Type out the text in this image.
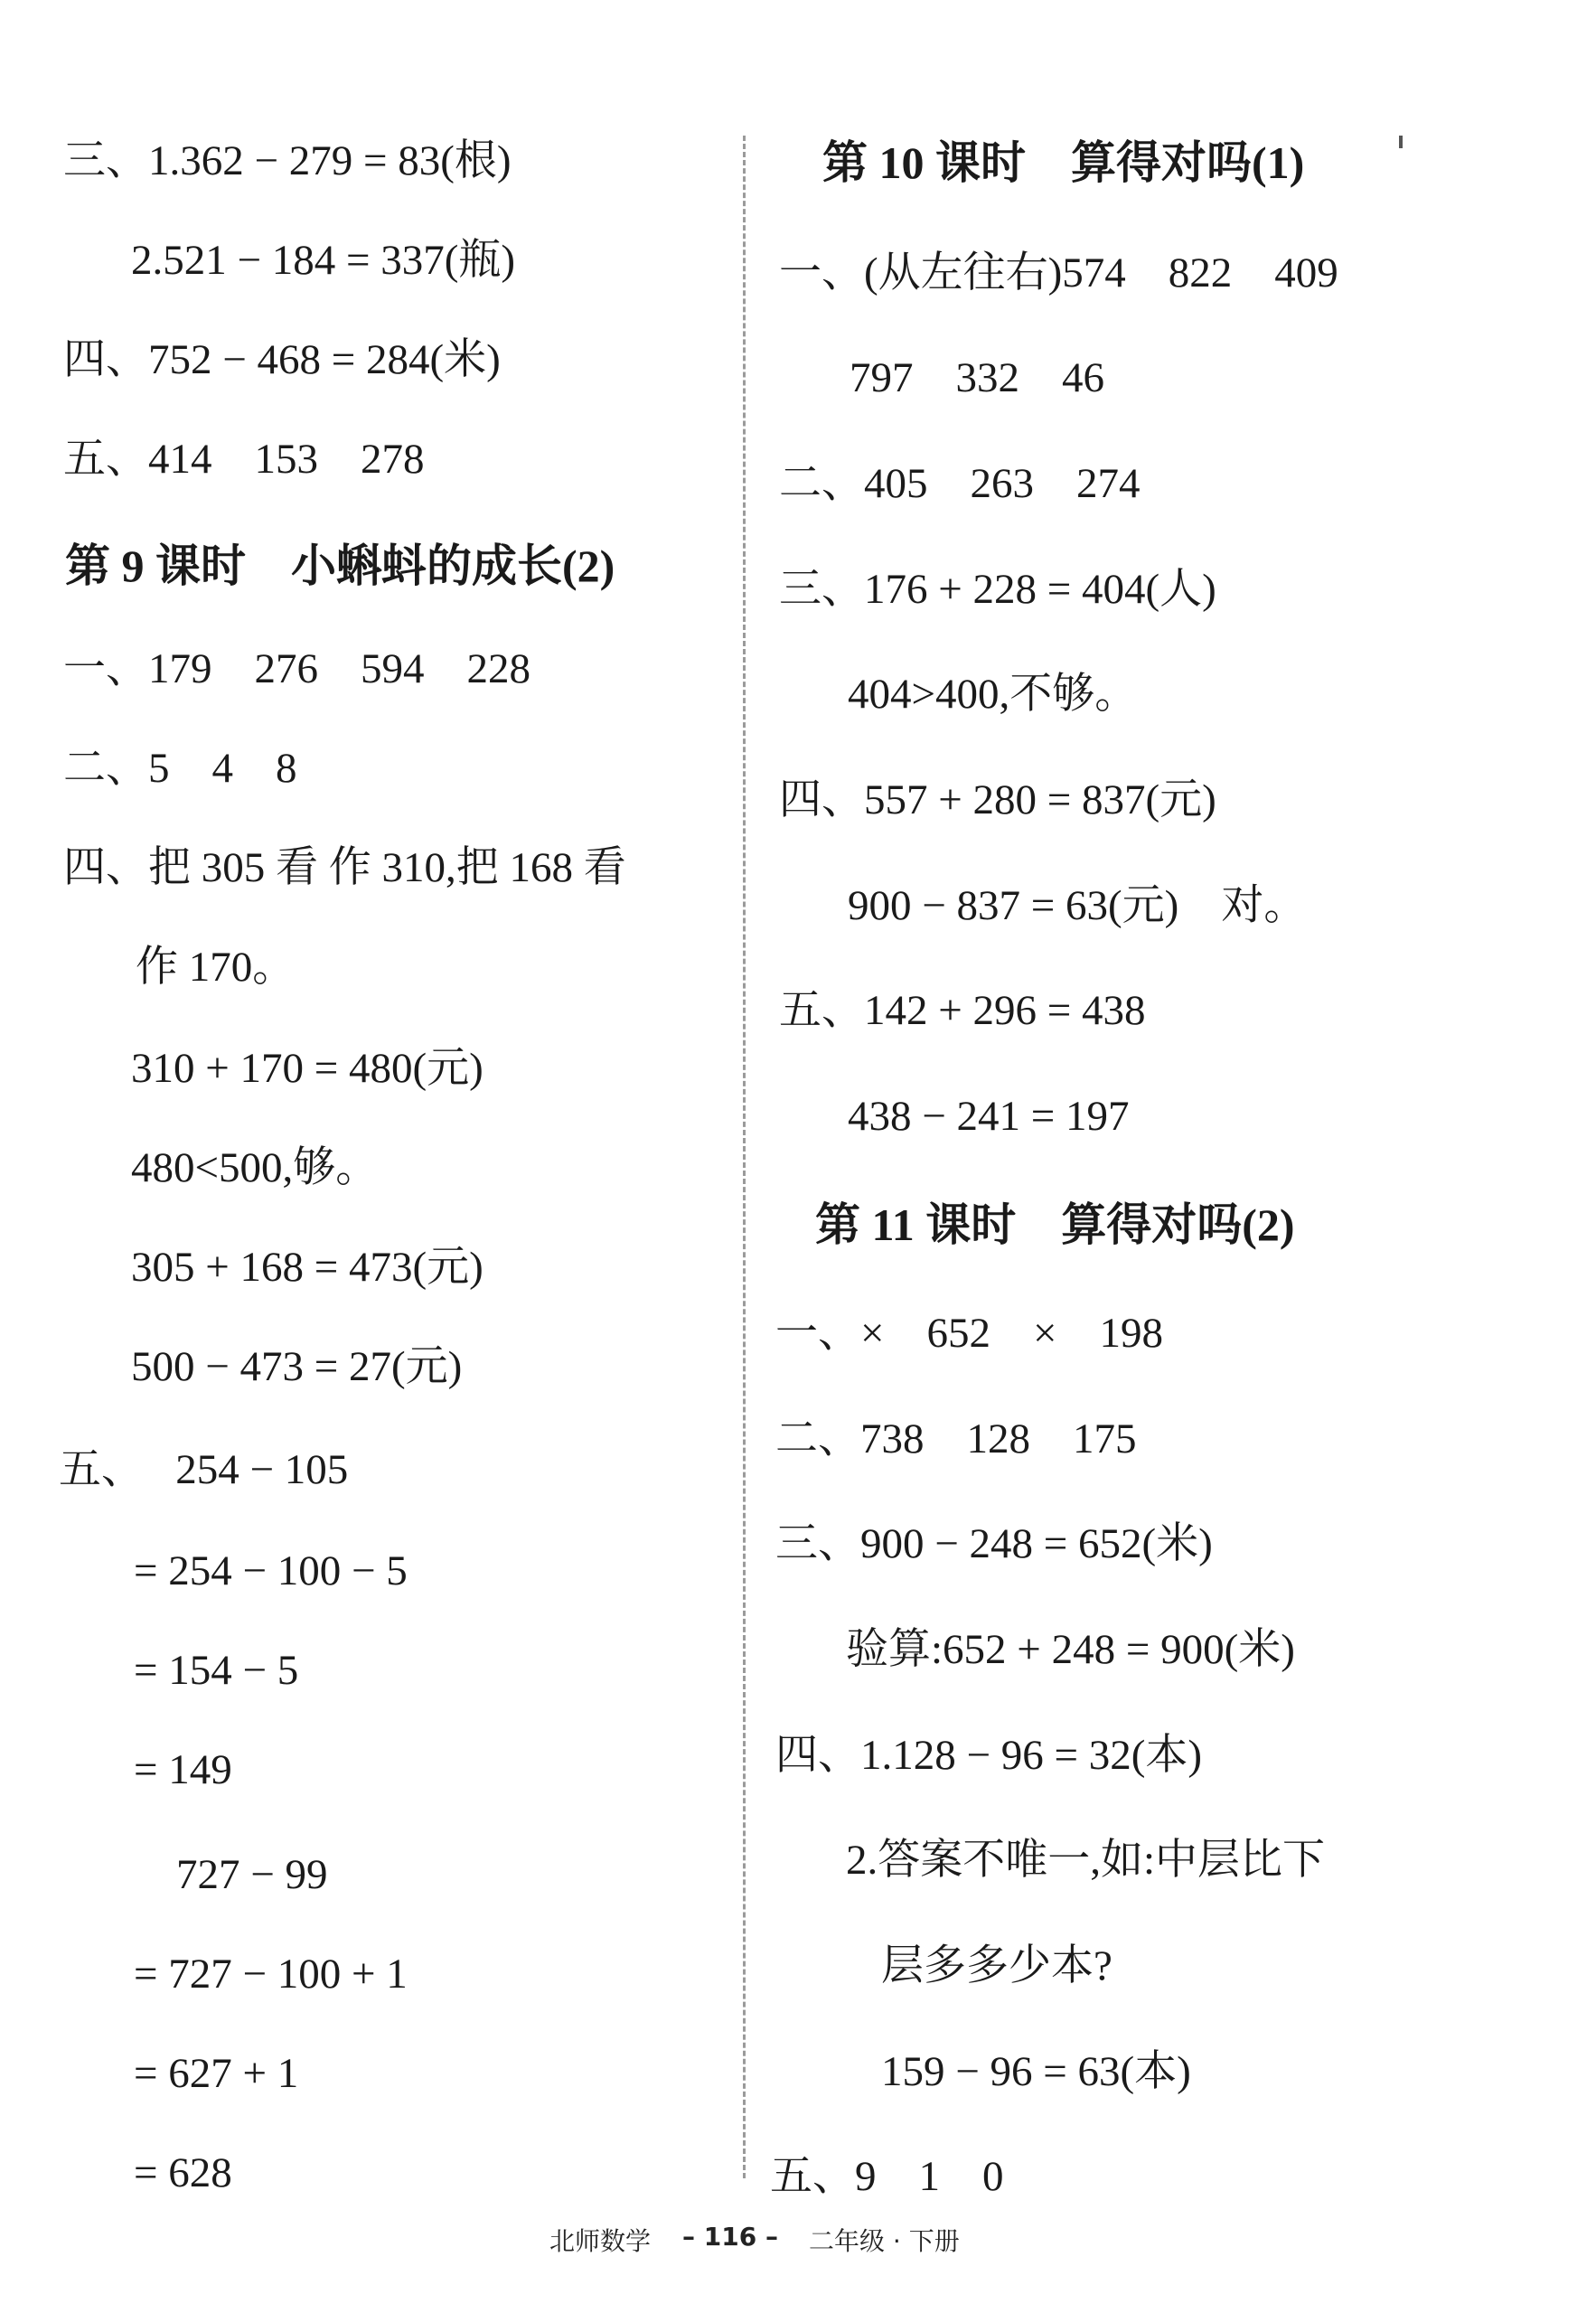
三、1.362 − 279 = 83(根)
2.521 − 184 = 337(瓶)
四、752 − 468 = 284(米)
五、414    153    278
第 9 课时    小蝌蚪的成长(2)
一、179    276    594    228
二、5    4    8
四、把 305 看 作 310,把 168 看
作 170。
310 + 170 = 480(元)
480<500,够。
305 + 168 = 473(元)
500 − 473 = 27(元)
五、   254 − 105
= 254 − 100 − 5
= 154 − 5
= 149
727 − 99
= 727 − 100 + 1
= 627 + 1
= 628
第 10 课时    算得对吗(1)
一、(从左往右)574    822    409
797    332    46
二、405    263    274
三、176 + 228 = 404(人)
404>400,不够。
四、557 + 280 = 837(元)
900 − 837 = 63(元)    对。
五、142 + 296 = 438
438 − 241 = 197
第 11 课时    算得对吗(2)
一、×    652    ×    198
二、738    128    175
三、900 − 248 = 652(米)
验算:652 + 248 = 900(米)
四、1.128 − 96 = 32(本)
2.答案不唯一,如:中层比下
层多多少本?
159 − 96 = 63(本)
五、9    1    0
北师数学 – 116 – 二年级 · 下册
